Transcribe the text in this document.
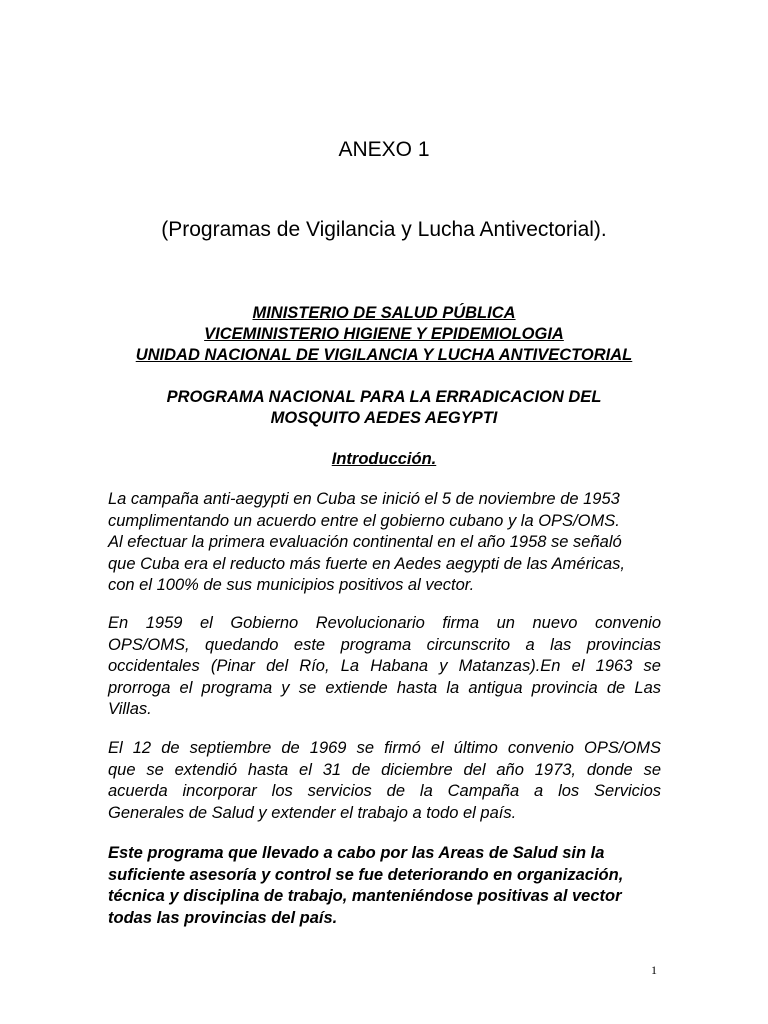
ANEXO 1
(Programas de Vigilancia y Lucha Antivectorial).
MINISTERIO DE SALUD PÚBLICA
VICEMINISTERIO HIGIENE Y EPIDEMIOLOGIA
UNIDAD NACIONAL DE VIGILANCIA Y LUCHA ANTIVECTORIAL
PROGRAMA NACIONAL PARA LA ERRADICACION DEL
MOSQUITO AEDES AEGYPTI
Introducción.

La campaña anti-aegypti en Cuba se inició el 5 de noviembre de 1953
cumplimentando un acuerdo entre el gobierno cubano y la OPS/OMS.
Al efectuar la primera evaluación continental en el año 1958 se señaló
que Cuba era el reducto más fuerte en Aedes aegypti de las Américas,
con el 100% de sus municipios positivos al vector.

En 1959 el Gobierno Revolucionario firma un nuevo convenio
OPS/OMS, quedando este programa circunscrito a las provincias
occidentales (Pinar del Río, La Habana y Matanzas).En el 1963 se
prorroga el programa y se extiende hasta la antigua provincia de Las
Villas.

El 12 de septiembre de 1969 se firmó el último convenio OPS/OMS
que se extendió hasta el 31 de diciembre del año 1973, donde se
acuerda incorporar los servicios de la Campaña a los Servicios
Generales de Salud y extender el trabajo a todo el país.

Este programa que llevado a cabo por las Areas de Salud sin la
suficiente asesoría y control se fue deteriorando en organización,
técnica y disciplina de trabajo, manteniéndose positivas al vector
todas las provincias del país.

1
